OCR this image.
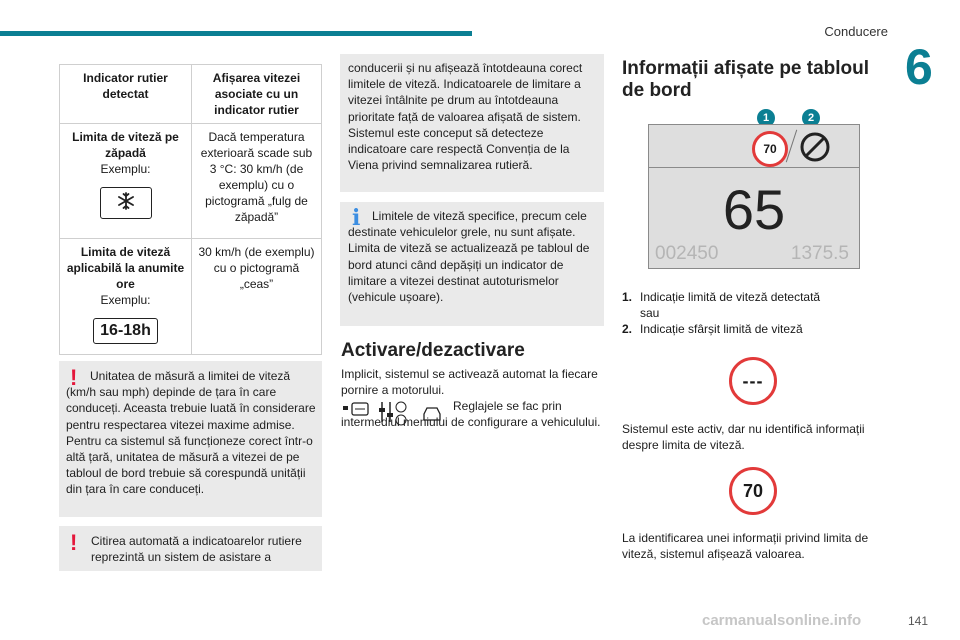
Conducere
6
Indicator rutier detectat	Afișarea vitezei asociate cu un indicator rutier

Limita de viteză pe zăpadă
Exemplu:	Dacă temperatura exterioară scade sub 3 °C: 30 km/h (de exemplu) cu o pictogramă „fulg de zăpadă”

Limita de viteză aplicabilă la anumite ore
Exemplu:
16-18h	30 km/h (de exemplu) cu o pictogramă „ceas”
!	Unitatea de măsură a limitei de viteză (km/h sau mph) depinde de țara în care conduceți. Aceasta trebuie luată în considerare pentru respectarea vitezei maxime admise. Pentru ca sistemul să funcționeze corect într-o altă țară, unitatea de măsură a vitezei de pe tabloul de bord trebuie să corespundă unității din țara în care conduceți.

! Citirea automată a indicatoarelor rutiere reprezintă un sistem de asistare a

conducerii și nu afișează întotdeauna corect limitele de viteză. Indicatoarele de limitare a vitezei întâlnite pe drum au întotdeauna prioritate față de valoarea afișată de sistem. Sistemul este conceput să detecteze indicatoare care respectă Convenția de la Viena privind semnalizarea rutieră.

i Limitele de viteză specifice, precum cele destinate vehiculelor grele, nu sunt afișate. Limita de viteză se actualizează pe tabloul de bord atunci când depășiți un indicator de limitare a vitezei destinat autoturismelor (vehicule ușoare).

Activare/dezactivare
Implicit, sistemul se activează automat la fiecare pornire a motorului.
Reglajele se fac prin intermediul meniului de configurare a vehiculului.
Informații afișate pe tabloul de bord
1	2
70
65
002450	1375.5
1. Indicație limită de viteză detectată
sau
2. Indicație sfârșit limită de viteză
---
Sistemul este activ, dar nu identifică informații despre limita de viteză.
70
La identificarea unei informații privind limita de viteză, sistemul afișează valoarea.
carmanualsonline.info	141
